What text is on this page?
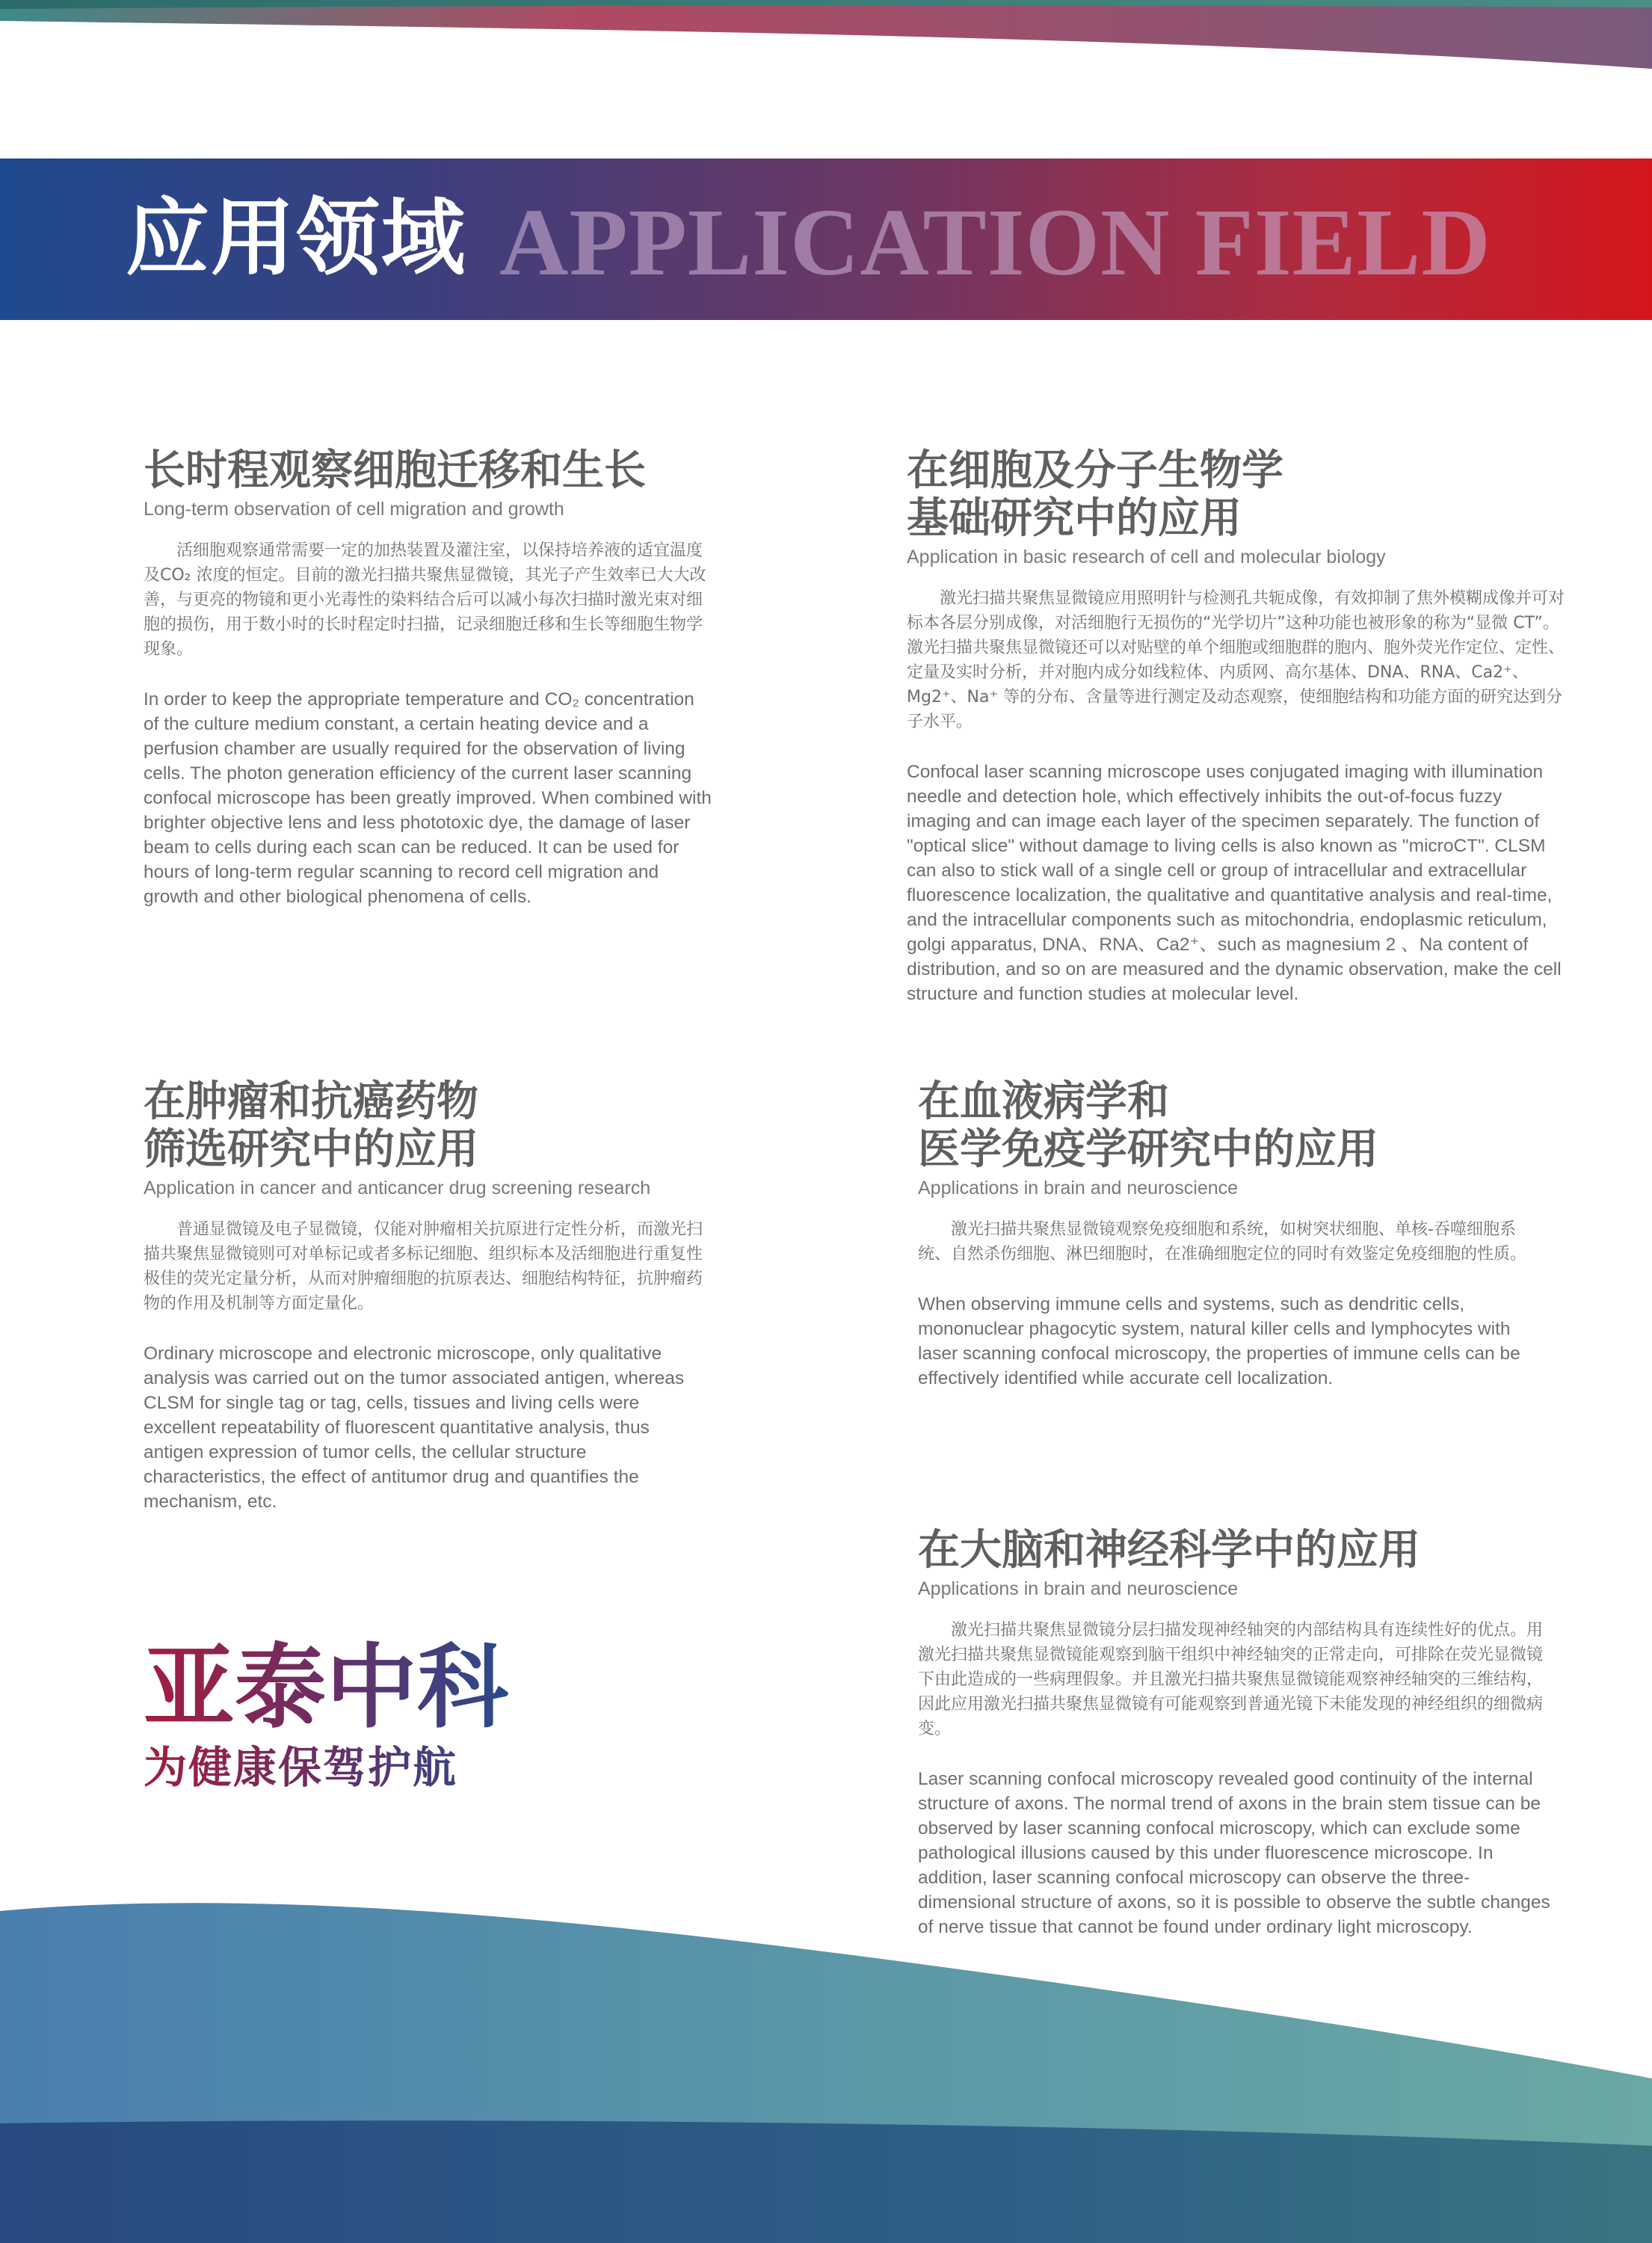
应用领域 APPLICATION FIELD
长时程观察细胞迁移和生长
Long-term observation of cell migration and growth

活细胞观察通常需要一定的加热装置及灌注室，以保持培养液的适宜温度及CO₂ 浓度的恒定。目前的激光扫描共聚焦显微镜，其光子产生效率已大大改善，与更亮的物镜和更小光毒性的染料结合后可以减小每次扫描时激光束对细胞的损伤，用于数小时的长时程定时扫描，记录细胞迁移和生长等细胞生物学现象。

In order to keep the appropriate temperature and CO₂ concentration of the culture medium constant, a certain heating device and a perfusion chamber are usually required for the observation of living cells. The photon generation efficiency of the current laser scanning confocal microscope has been greatly improved. When combined with brighter objective lens and less phototoxic dye, the damage of laser beam to cells during each scan can be reduced. It can be used for hours of long-term regular scanning to record cell migration and growth and other biological phenomena of cells.

在细胞及分子生物学
基础研究中的应用
Application in basic research of cell and molecular biology

激光扫描共聚焦显微镜应用照明针与检测孔共轭成像，有效抑制了焦外模糊成像并可对标本各层分别成像，对活细胞行无损伤的“光学切片”这种功能也被形象的称为“显微 CT”。激光扫描共聚焦显微镜还可以对贴壁的单个细胞或细胞群的胞内、胞外荧光作定位、定性、定量及实时分析，并对胞内成分如线粒体、内质网、高尔基体、DNA、RNA、Ca2⁺、Mg2⁺、Na⁺ 等的分布、含量等进行测定及动态观察，使细胞结构和功能方面的研究达到分子水平。

Confocal laser scanning microscope uses conjugated imaging with illumination needle and detection hole, which effectively inhibits the out-of-focus fuzzy imaging and can image each layer of the specimen separately. The function of "optical slice" without damage to living cells is also known as "microCT". CLSM can also to stick wall of a single cell or group of intracellular and extracellular fluorescence localization, the qualitative and quantitative analysis and real-time, and the intracellular components such as mitochondria, endoplasmic reticulum, golgi apparatus, DNA、RNA、Ca2⁺、such as magnesium 2 、Na content of distribution, and so on are measured and the dynamic observation, make the cell structure and function studies at molecular level.

在肿瘤和抗癌药物
筛选研究中的应用
Application in cancer and anticancer drug screening research

普通显微镜及电子显微镜，仅能对肿瘤相关抗原进行定性分析，而激光扫描共聚焦显微镜则可对单标记或者多标记细胞、组织标本及活细胞进行重复性极佳的荧光定量分析，从而对肿瘤细胞的抗原表达、细胞结构特征，抗肿瘤药物的作用及机制等方面定量化。

Ordinary microscope and electronic microscope, only qualitative analysis was carried out on the tumor associated antigen, whereas CLSM for single tag or tag, cells, tissues and living cells were excellent repeatability of fluorescent quantitative analysis, thus antigen expression of tumor cells, the cellular structure characteristics, the effect of antitumor drug and quantifies the mechanism, etc.

在血液病学和
医学免疫学研究中的应用
Applications in brain and neuroscience

激光扫描共聚焦显微镜观察免疫细胞和系统，如树突状细胞、单核-吞噬细胞系统、自然杀伤细胞、淋巴细胞时，在准确细胞定位的同时有效鉴定免疫细胞的性质。

When observing immune cells and systems, such as dendritic cells, mononuclear phagocytic system, natural killer cells and lymphocytes with laser scanning confocal microscopy, the properties of immune cells can be effectively identified while accurate cell localization.

在大脑和神经科学中的应用
Applications in brain and neuroscience

激光扫描共聚焦显微镜分层扫描发现神经轴突的内部结构具有连续性好的优点。用激光扫描共聚焦显微镜能观察到脑干组织中神经轴突的正常走向，可排除在荧光显微镜下由此造成的一些病理假象。并且激光扫描共聚焦显微镜能观察神经轴突的三维结构，因此应用激光扫描共聚焦显微镜有可能观察到普通光镜下未能发现的神经组织的细微病变。

Laser scanning confocal microscopy revealed good continuity of the internal structure of axons. The normal trend of axons in the brain stem tissue can be observed by laser scanning confocal microscopy, which can exclude some pathological illusions caused by this under fluorescence microscope. In addition, laser scanning confocal microscopy can observe the three-dimensional structure of axons, so it is possible to observe the subtle changes of nerve tissue that cannot be found under ordinary light microscopy.

亚泰中科
为健康保驾护航
